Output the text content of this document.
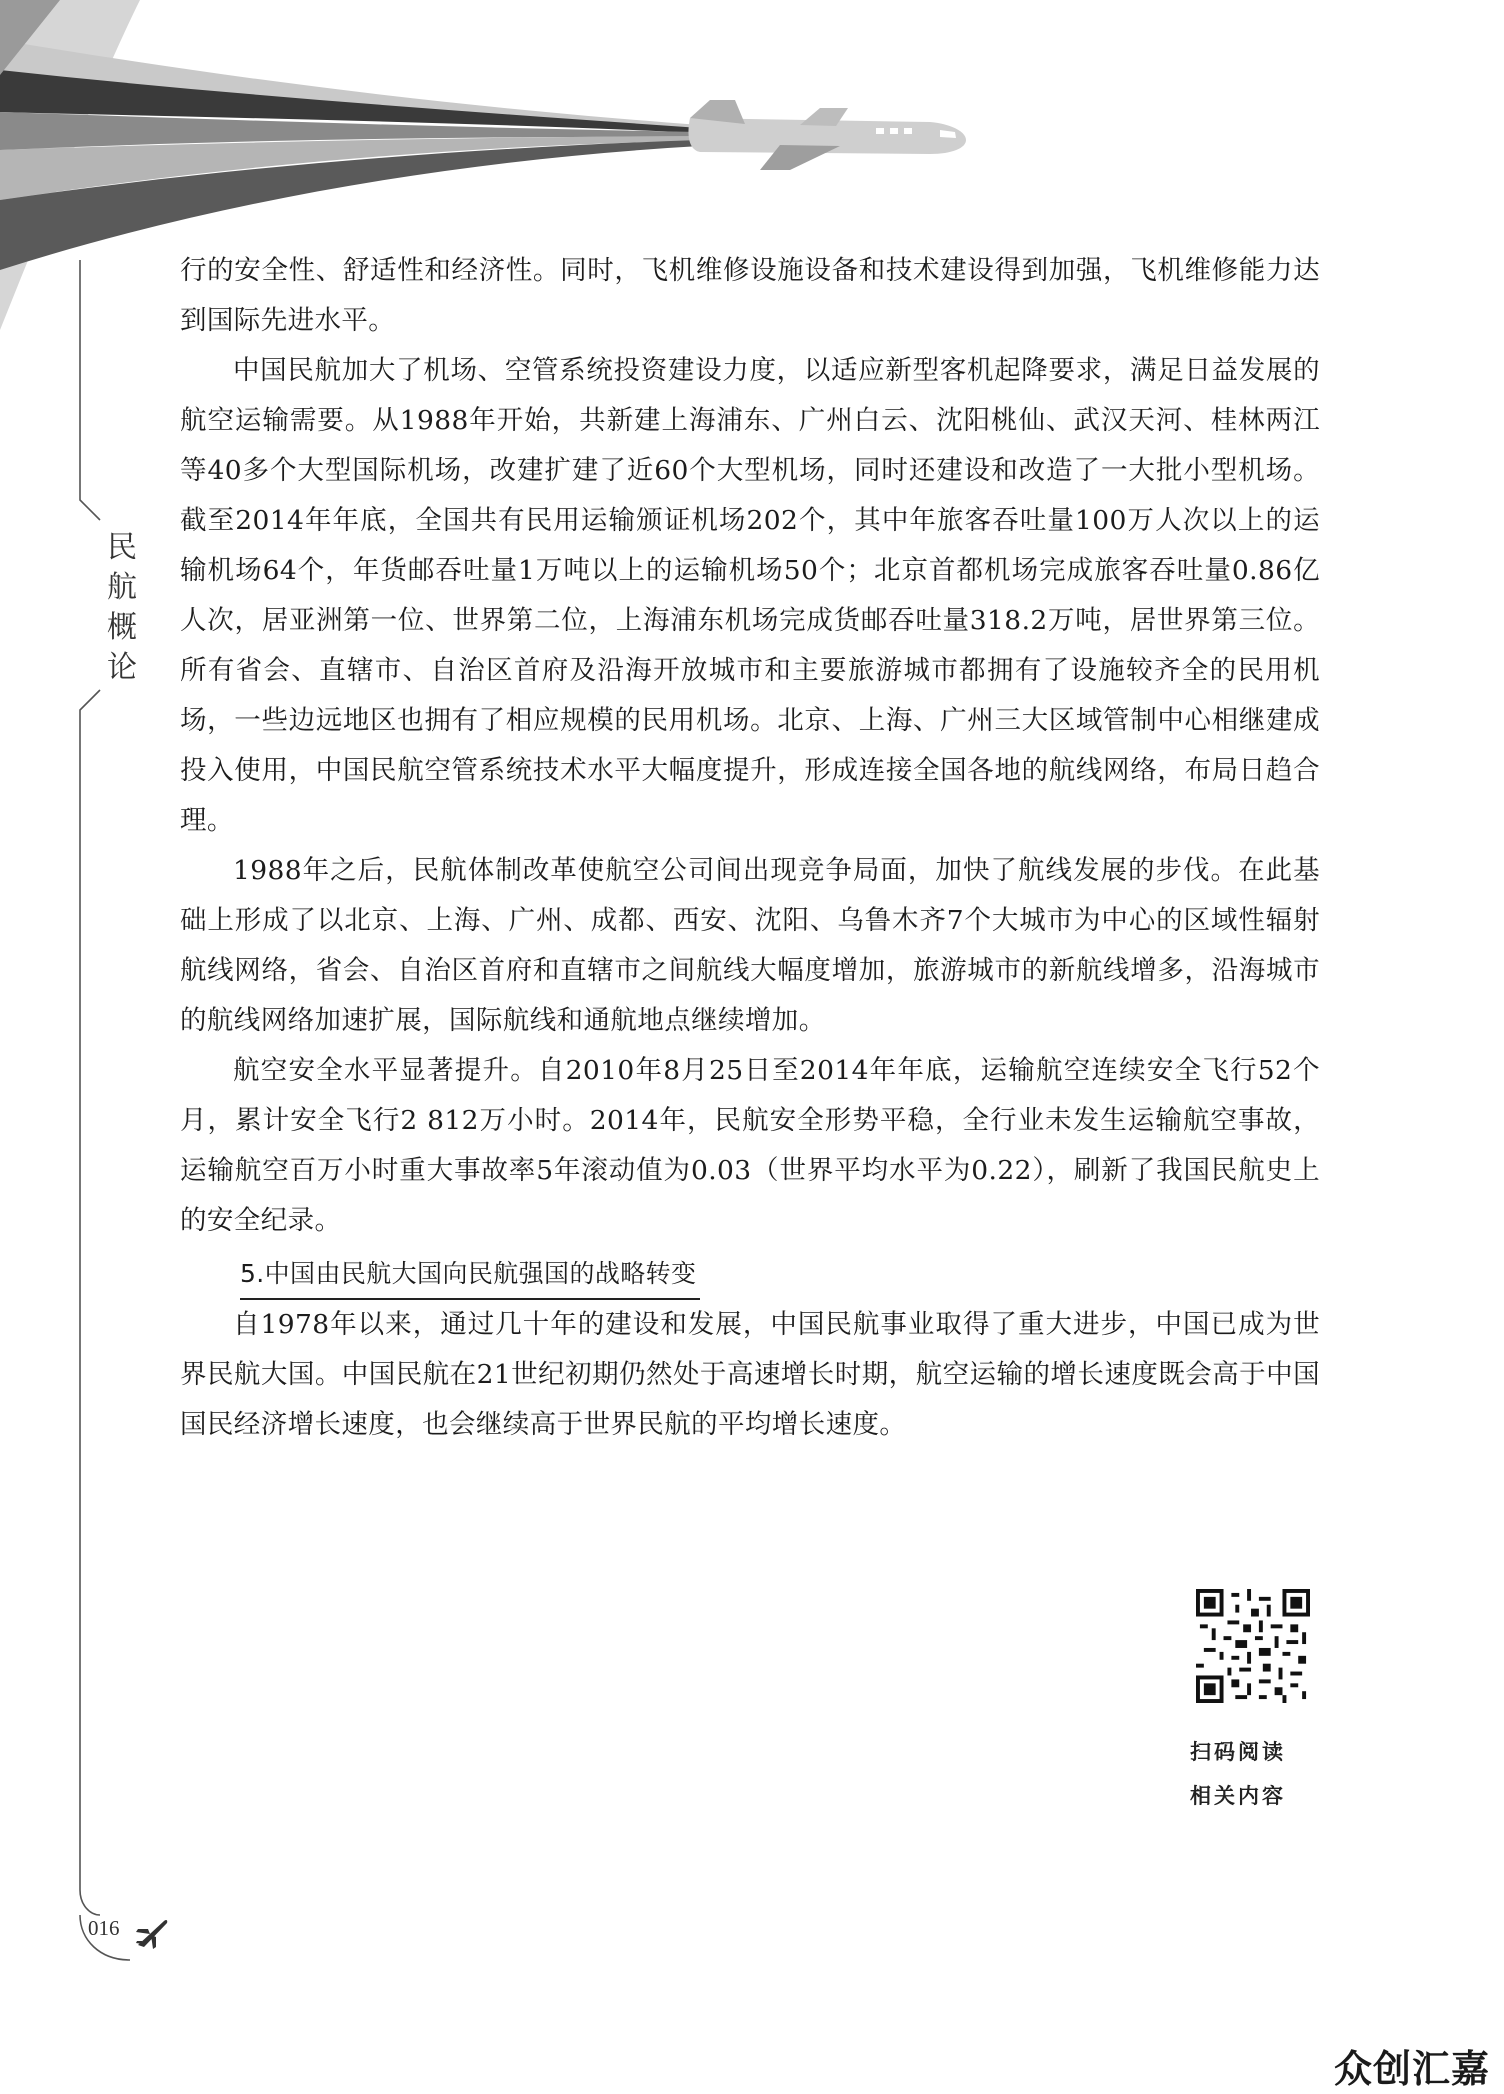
民
航
概
论

行的安全性、舒适性和经济性。同时，飞机维修设施设备和技术建设得到加强，飞机维修能力达到国际先进水平。

中国民航加大了机场、空管系统投资建设力度，以适应新型客机起降要求，满足日益发展的航空运输需要。从1988年开始，共新建上海浦东、广州白云、沈阳桃仙、武汉天河、桂林两江等40多个大型国际机场，改建扩建了近60个大型机场，同时还建设和改造了一大批小型机场。截至2014年年底，全国共有民用运输颁证机场202个，其中年旅客吞吐量100万人次以上的运输机场64个，年货邮吞吐量1万吨以上的运输机场50个；北京首都机场完成旅客吞吐量0.86亿人次，居亚洲第一位、世界第二位，上海浦东机场完成货邮吞吐量318.2万吨，居世界第三位。所有省会、直辖市、自治区首府及沿海开放城市和主要旅游城市都拥有了设施较齐全的民用机场，一些边远地区也拥有了相应规模的民用机场。北京、上海、广州三大区域管制中心相继建成投入使用，中国民航空管系统技术水平大幅度提升，形成连接全国各地的航线网络，布局日趋合理。

1988年之后，民航体制改革使航空公司间出现竞争局面，加快了航线发展的步伐。在此基础上形成了以北京、上海、广州、成都、西安、沈阳、乌鲁木齐7个大城市为中心的区域性辐射航线网络，省会、自治区首府和直辖市之间航线大幅度增加，旅游城市的新航线增多，沿海城市的航线网络加速扩展，国际航线和通航地点继续增加。

航空安全水平显著提升。自2010年8月25日至2014年年底，运输航空连续安全飞行52个月，累计安全飞行2 812万小时。2014年，民航安全形势平稳，全行业未发生运输航空事故，运输航空百万小时重大事故率5年滚动值为0.03（世界平均水平为0.22），刷新了我国民航史上的安全纪录。

5.中国由民航大国向民航强国的战略转变

自1978年以来，通过几十年的建设和发展，中国民航事业取得了重大进步，中国已成为世界民航大国。中国民航在21世纪初期仍然处于高速增长时期，航空运输的增长速度既会高于中国国民经济增长速度，也会继续高于世界民航的平均增长速度。

扫码阅读
相关内容
016
众创汇嘉
